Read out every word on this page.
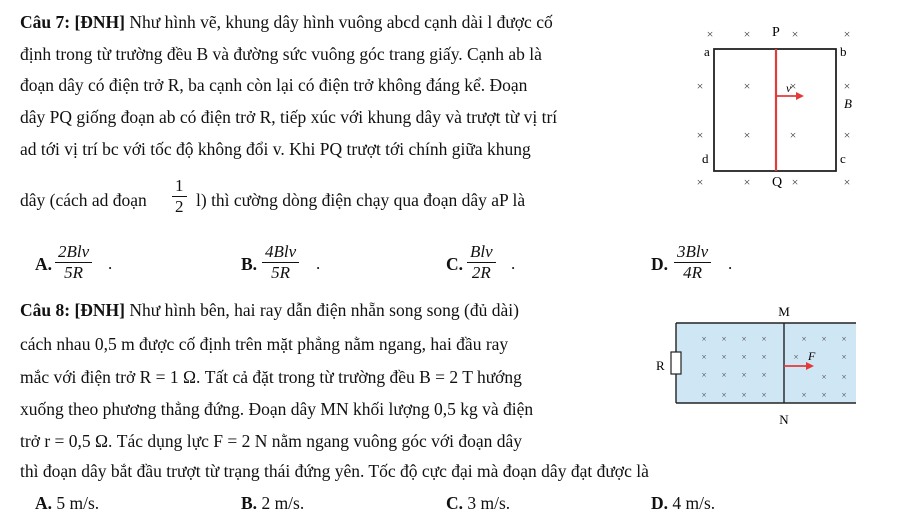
Câu 7: [ĐNH] Như hình vẽ, khung dây hình vuông abcd cạnh dài l được cố
định trong từ trường đều B và đường sức vuông góc trang giấy. Cạnh ab là
đoạn dây có điện trở R, ba cạnh còn lại có điện trở không đáng kể. Đoạn
dây PQ giống đoạn ab có điện trở R, tiếp xúc với khung dây và trượt từ vị trí
ad tới vị trí bc với tốc độ không đổi v. Khi PQ trượt tới chính giữa khung
dây (cách ad đoạn $\frac{1}{2} l$) thì cường dòng điện chạy qua đoạn dây aP là
A.
2Blv
5R .	B.
4Blv
5R .	C.
Blv
2R .	D.
3Blv
4R .
×	×	×	×
×	×	×	×
×	×	×	×
×	×	×	×
a	b
d	c
P
Q
v
B
Câu 8: [ĐNH] Như hình bên, hai ray dẫn điện nhẵn song song (đủ dài)
cách nhau 0,5 m được cố định trên mặt phẳng nằm ngang, hai đầu ray
mắc với điện trở R = 1 Ω. Tất cả đặt trong từ trường đều B = 2 T hướng
xuống theo phương thẳng đứng. Đoạn dây MN khối lượng 0,5 kg và điện
trở r = 0,5 Ω. Tác dụng lực F = 2 N nằm ngang vuông góc với đoạn dây
thì đoạn dây bắt đầu trượt từ trạng thái đứng yên. Tốc độ cực đại mà đoạn dây đạt được là
A. 5 m/s.	B. 2 m/s.	C. 3 m/s.	D. 4 m/s.
M
R
× × × ×	× × ×
× × × ×	×	×
× × × ×	× ×
× × × ×	× × ×
F
N
